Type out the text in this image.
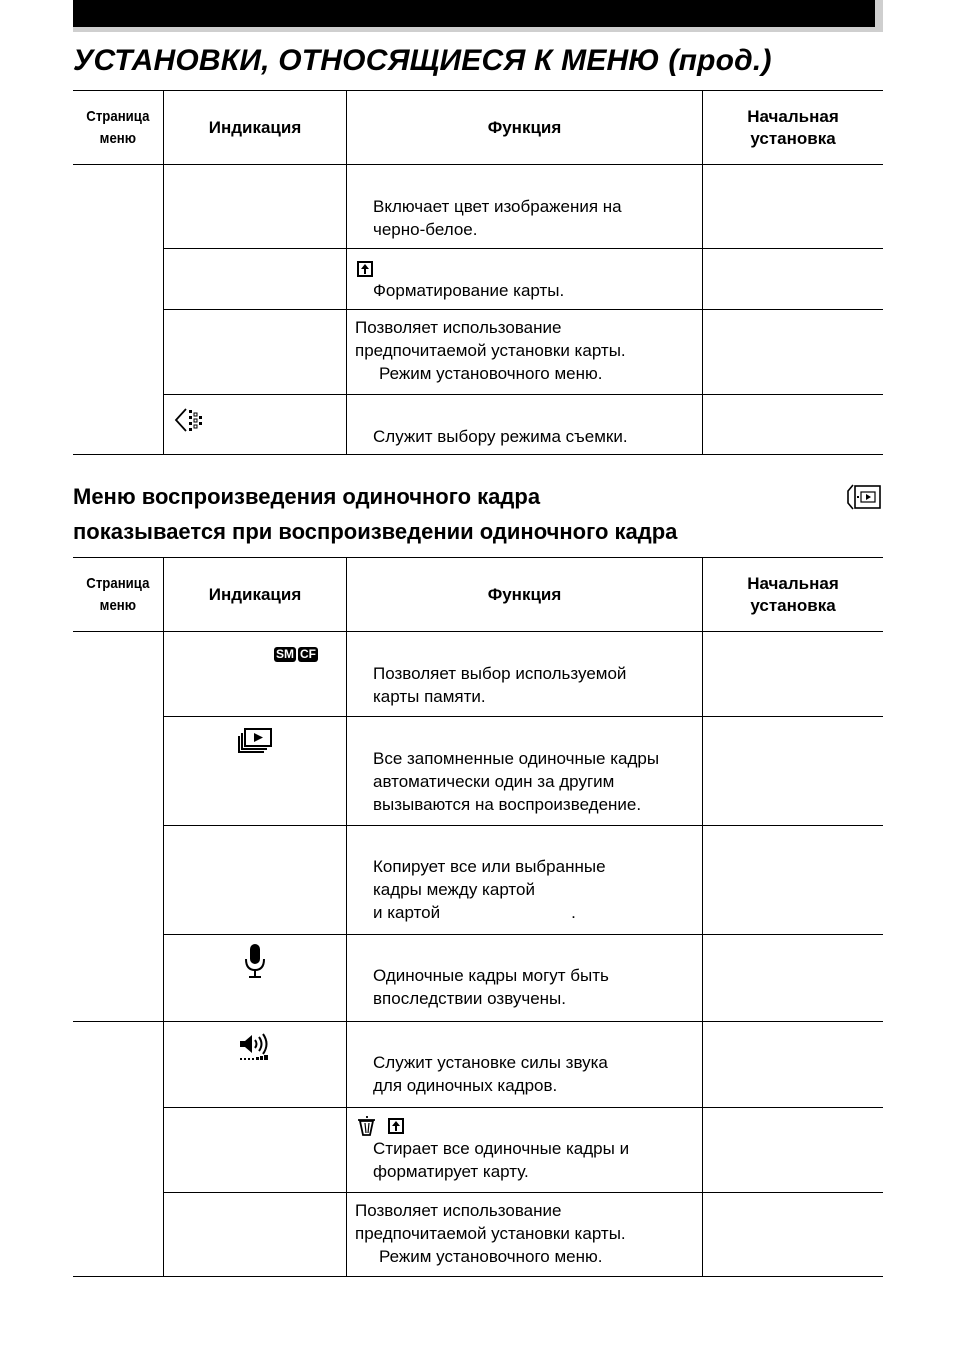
УСТАНОВКИ, ОТНОСЯЩИЕСЯ К МЕНЮ (прод.)
Страница
меню	Индикация	Функция	Начальная
установка

		Включает цвет изображения на
черно-белое.	

		Форматирование карты.	

		Позволяет использование
предпочитаемой установки карты.
Режим установочного меню.	

Служит выбору режима съемки.	

Меню воспроизведения одиночного кадра
показывается при воспроизведении одиночного кадра
Страница
меню	Индикация	Функция	Начальная
установка

	SM CF	Позволяет выбор используемой
карты памяти.	

Все запомненные одиночные кадры
автоматически один за другим
вызываются на воспроизведение.	

		Копирует все или выбранные
кадры между картой
и картой .	

Одиночные кадры могут быть
впоследствии озвучены.	

Служит установке силы звука
для одиночных кадров.	

		Стирает все одиночные кадры и
форматирует карту.	

		Позволяет использование
предпочитаемой установки карты.
Режим установочного меню.	
